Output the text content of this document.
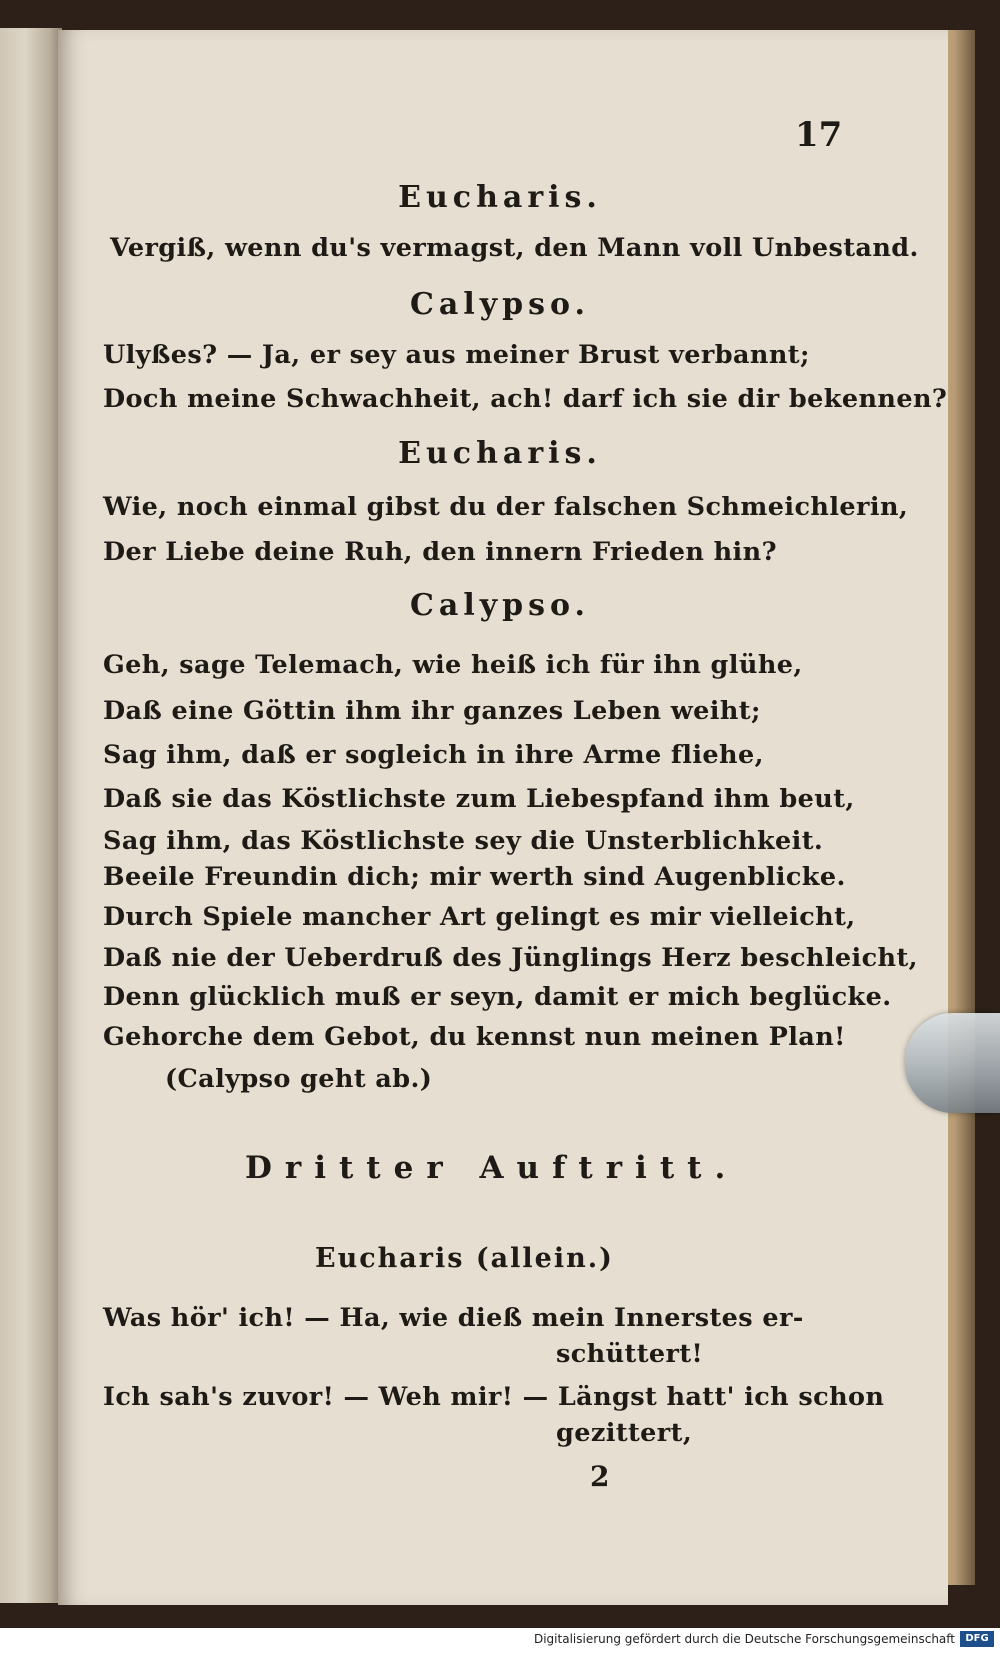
17
Eucharis.
Vergiß, wenn du's vermagst, den Mann voll Unbestand.
Calypso.
Ulyßes? — Ja, er sey aus meiner Brust verbannt;
Doch meine Schwachheit, ach! darf ich sie dir bekennen?
Eucharis.
Wie, noch einmal gibst du der falschen Schmeichlerin,
Der Liebe deine Ruh, den innern Frieden hin?
Calypso.
Geh, sage Telemach, wie heiß ich für ihn glühe,
Daß eine Göttin ihm ihr ganzes Leben weiht;
Sag ihm, daß er sogleich in ihre Arme fliehe,
Daß sie das Köstlichste zum Liebespfand ihm beut,
Sag ihm, das Köstlichste sey die Unsterblichkeit.
Beeile Freundin dich; mir werth sind Augenblicke.
Durch Spiele mancher Art gelingt es mir vielleicht,
Daß nie der Ueberdruß des Jünglings Herz beschleicht,
Denn glücklich muß er seyn, damit er mich beglücke.
Gehorche dem Gebot, du kennst nun meinen Plan!
(Calypso geht ab.)
Dritter Auftritt.
Eucharis (allein.)
Was hör' ich! — Ha, wie dieß mein Innerstes er-
schüttert!
Ich sah's zuvor! — Weh mir! — Längst hatt' ich schon
gezittert,
2
Digitalisierung gefördert durch die Deutsche Forschungsgemeinschaft	DFG
